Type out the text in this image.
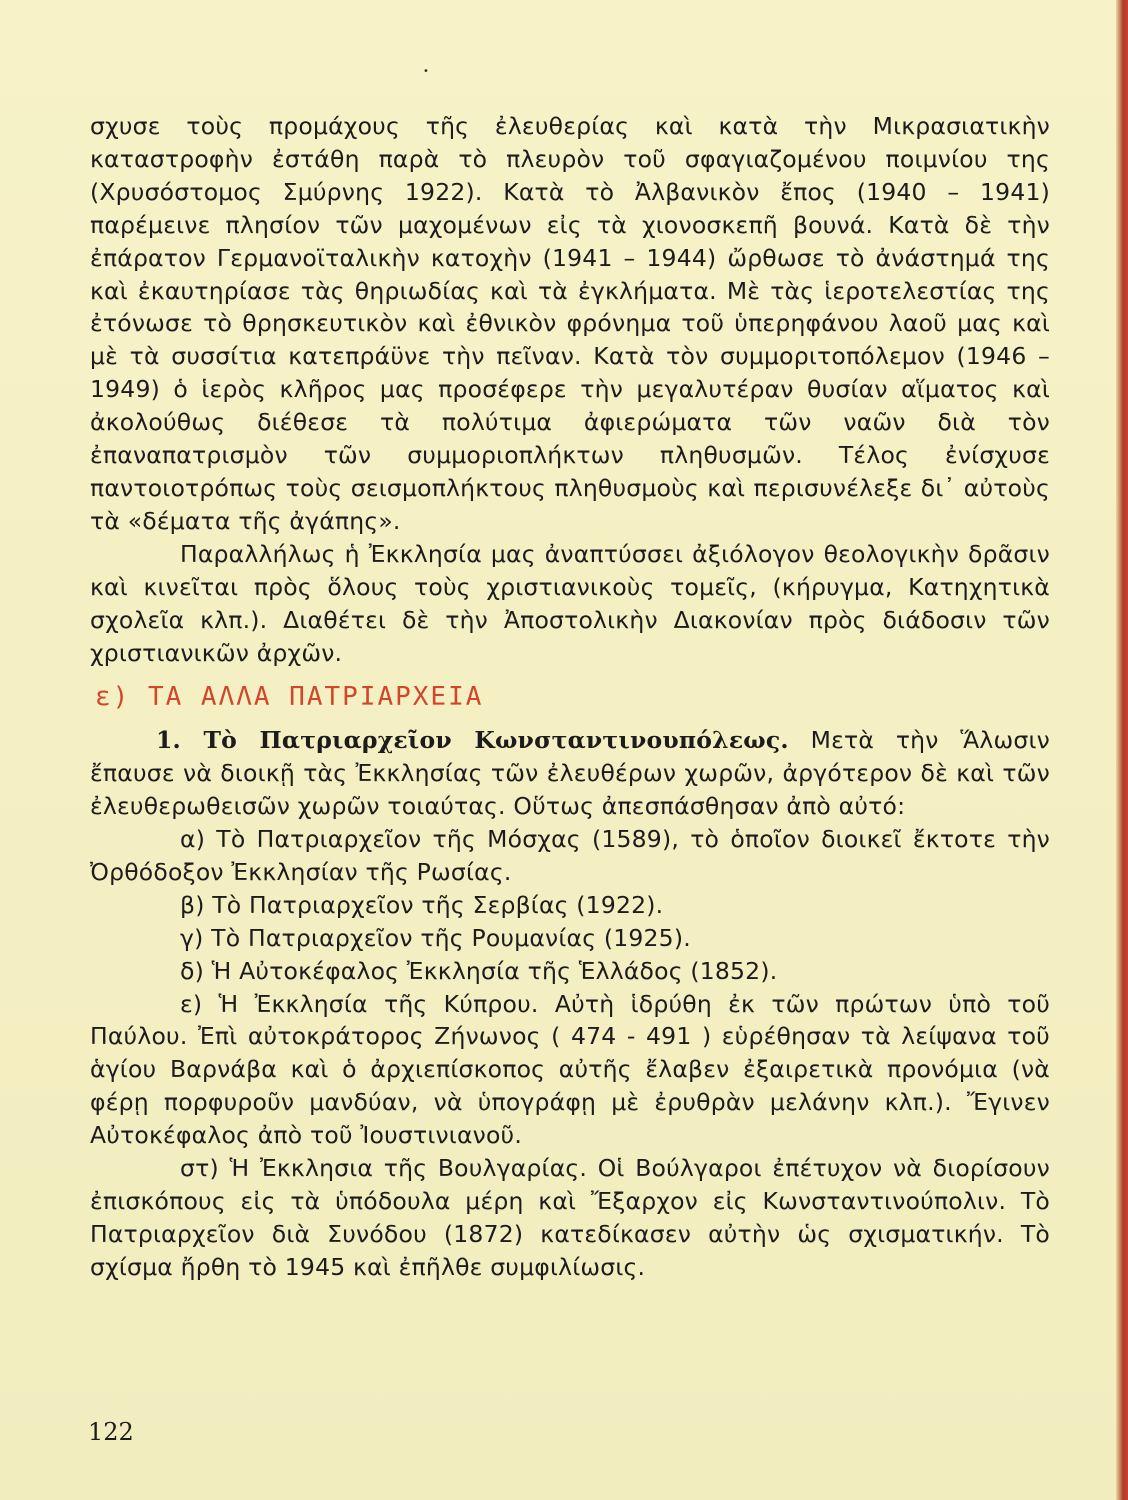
•

σχυσε τοὺς προμάχους τῆς ἐλευθερίας καὶ κατὰ τὴν Μικρασιατικὴν καταστροφὴν ἐστάθη παρὰ τὸ πλευρὸν τοῦ σφαγιαζομένου ποιμνίου της (Χρυσόστομος Σμύρνης 1922). Κατὰ τὸ Ἀλβανικὸν ἔπος (1940 – 1941) παρέμεινε πλησίον τῶν μαχομένων εἰς τὰ χιονοσκεπῆ βουνά. Κατὰ δὲ τὴν ἐπάρατον Γερμανοϊταλικὴν κατοχὴν (1941 – 1944) ὤρθωσε τὸ ἀνάστημά της καὶ ἐκαυτηρίασε τὰς θηριωδίας καὶ τὰ ἐγκλήματα. Μὲ τὰς ἱεροτελεστίας της ἐτόνωσε τὸ θρησκευτικὸν καὶ ἐθνικὸν φρόνημα τοῦ ὑπερηφάνου λαοῦ μας καὶ μὲ τὰ συσσίτια κατεπράϋνε τὴν πεῖναν. Κατὰ τὸν συμμοριτοπόλεμον (1946 – 1949) ὁ ἱερὸς κλῆρος μας προσέφερε τὴν μεγαλυτέραν θυσίαν αἵματος καὶ ἀκολούθως διέθεσε τὰ πολύτιμα ἀφιερώματα τῶν ναῶν διὰ τὸν ἐπαναπατρισμὸν τῶν συμμοριοπλήκτων πληθυσμῶν. Τέλος ἐνίσχυσε παντοιοτρόπως τοὺς σεισμοπλήκτους πληθυσμοὺς καὶ περισυνέλεξε δι᾽ αὐτοὺς τὰ «δέματα τῆς ἀγάπης».

Παραλλήλως ἡ Ἐκκλησία μας ἀναπτύσσει ἀξιόλογον θεολογικὴν δρᾶσιν καὶ κινεῖται πρὸς ὅλους τοὺς χριστιανικοὺς τομεῖς, (κήρυγμα, Κατηχητικὰ σχολεῖα κλπ.). Διαθέτει δὲ τὴν Ἀποστολικὴν Διακονίαν πρὸς διάδοσιν τῶν χριστιανικῶν ἀρχῶν.

ε) ΤΑ ΑΛΛΑ ΠΑΤΡΙΑΡΧΕΙΑ

1. Τὸ Πατριαρχεῖον Κωνσταντινουπόλεως. Μετὰ τὴν Ἅλωσιν ἔπαυσε νὰ διοικῇ τὰς Ἐκκλησίας τῶν ἐλευθέρων χωρῶν, ἀργότερον δὲ καὶ τῶν ἐλευθερωθεισῶν χωρῶν τοιαύτας. Οὕτως ἀπεσπάσθησαν ἀπὸ αὐτό:

α) Τὸ Πατριαρχεῖον τῆς Μόσχας (1589), τὸ ὁποῖον διοικεῖ ἔκτοτε τὴν Ὀρθόδοξον Ἐκκλησίαν τῆς Ρωσίας.

β) Τὸ Πατριαρχεῖον τῆς Σερβίας (1922).

γ) Τὸ Πατριαρχεῖον τῆς Ρουμανίας (1925).

δ) Ἡ Αὐτοκέφαλος Ἐκκλησία τῆς Ἑλλάδος (1852).

ε) Ἡ Ἐκκλησία τῆς Κύπρου. Αὐτὴ ἱδρύθη ἐκ τῶν πρώτων ὑπὸ τοῦ Παύλου. Ἐπὶ αὐτοκράτορος Ζήνωνος ( 474 - 491 ) εὑρέθησαν τὰ λείψανα τοῦ ἁγίου Βαρνάβα καὶ ὁ ἀρχιεπίσκοπος αὐτῆς ἔλαβεν ἐξαιρετικὰ προνόμια (νὰ φέρῃ πορφυροῦν μανδύαν, νὰ ὑπογράφῃ μὲ ἐρυθρὰν μελάνην κλπ.). Ἔγινεν Αὐτοκέφαλος ἀπὸ τοῦ Ἰουστινιανοῦ.

στ) Ἡ Ἐκκλησια τῆς Βουλγαρίας. Οἱ Βούλγαροι ἐπέτυχον νὰ διορίσουν ἐπισκόπους εἰς τὰ ὑπόδουλα μέρη καὶ Ἔξαρχον εἰς Κωνσταντινούπολιν. Τὸ Πατριαρχεῖον διὰ Συνόδου (1872) κατεδίκασεν αὐτὴν ὡς σχισματικήν. Τὸ σχίσμα ἤρθη τὸ 1945 καὶ ἐπῆλθε συμφιλίωσις.

122
